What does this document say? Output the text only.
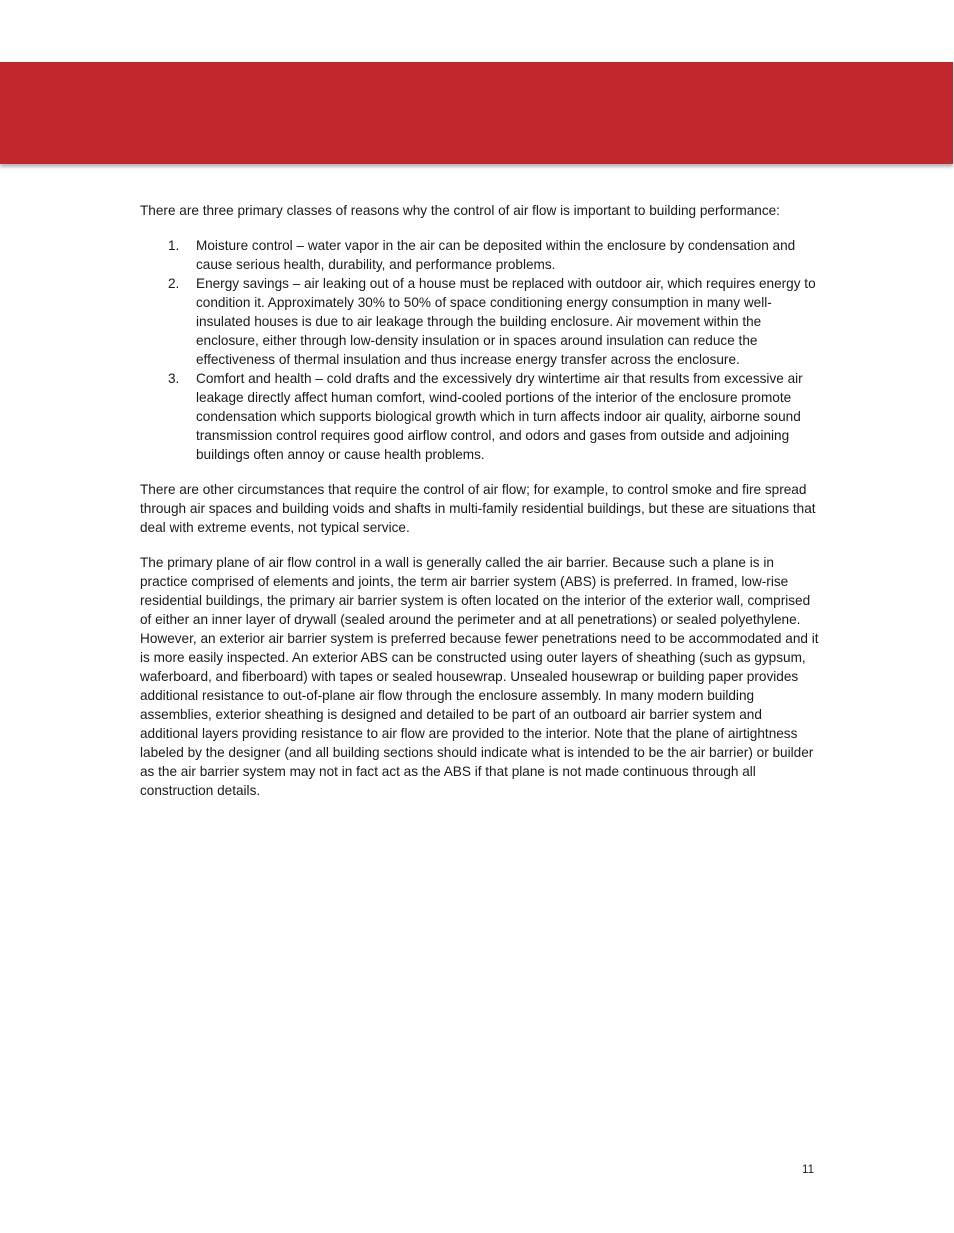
There are three primary classes of reasons why the control of air flow is important to building performance:

1. Moisture control – water vapor in the air can be deposited within the enclosure by condensation and cause serious health, durability, and performance problems.
2. Energy savings – air leaking out of a house must be replaced with outdoor air, which requires energy to condition it. Approximately 30% to 50% of space conditioning energy consumption in many well-insulated houses is due to air leakage through the building enclosure. Air movement within the enclosure, either through low-density insulation or in spaces around insulation can reduce the effectiveness of thermal insulation and thus increase energy transfer across the enclosure.
3. Comfort and health – cold drafts and the excessively dry wintertime air that results from excessive air leakage directly affect human comfort, wind-cooled portions of the interior of the enclosure promote condensation which supports biological growth which in turn affects indoor air quality, airborne sound transmission control requires good airflow control, and odors and gases from outside and adjoining buildings often annoy or cause health problems.

There are other circumstances that require the control of air flow; for example, to control smoke and fire spread through air spaces and building voids and shafts in multi-family residential buildings, but these are situations that deal with extreme events, not typical service.

The primary plane of air flow control in a wall is generally called the air barrier. Because such a plane is in practice comprised of elements and joints, the term air barrier system (ABS) is preferred. In framed, low-rise residential buildings, the primary air barrier system is often located on the interior of the exterior wall, comprised of either an inner layer of drywall (sealed around the perimeter and at all penetrations) or sealed polyethylene. However, an exterior air barrier system is preferred because fewer penetrations need to be accommodated and it is more easily inspected. An exterior ABS can be constructed using outer layers of sheathing (such as gypsum, waferboard, and fiberboard) with tapes or sealed housewrap. Unsealed housewrap or building paper provides additional resistance to out-of-plane air flow through the enclosure assembly. In many modern building assemblies, exterior sheathing is designed and detailed to be part of an outboard air barrier system and additional layers providing resistance to air flow are provided to the interior. Note that the plane of airtightness labeled by the designer (and all building sections should indicate what is intended to be the air barrier) or builder as the air barrier system may not in fact act as the ABS if that plane is not made continuous through all construction details.

11
